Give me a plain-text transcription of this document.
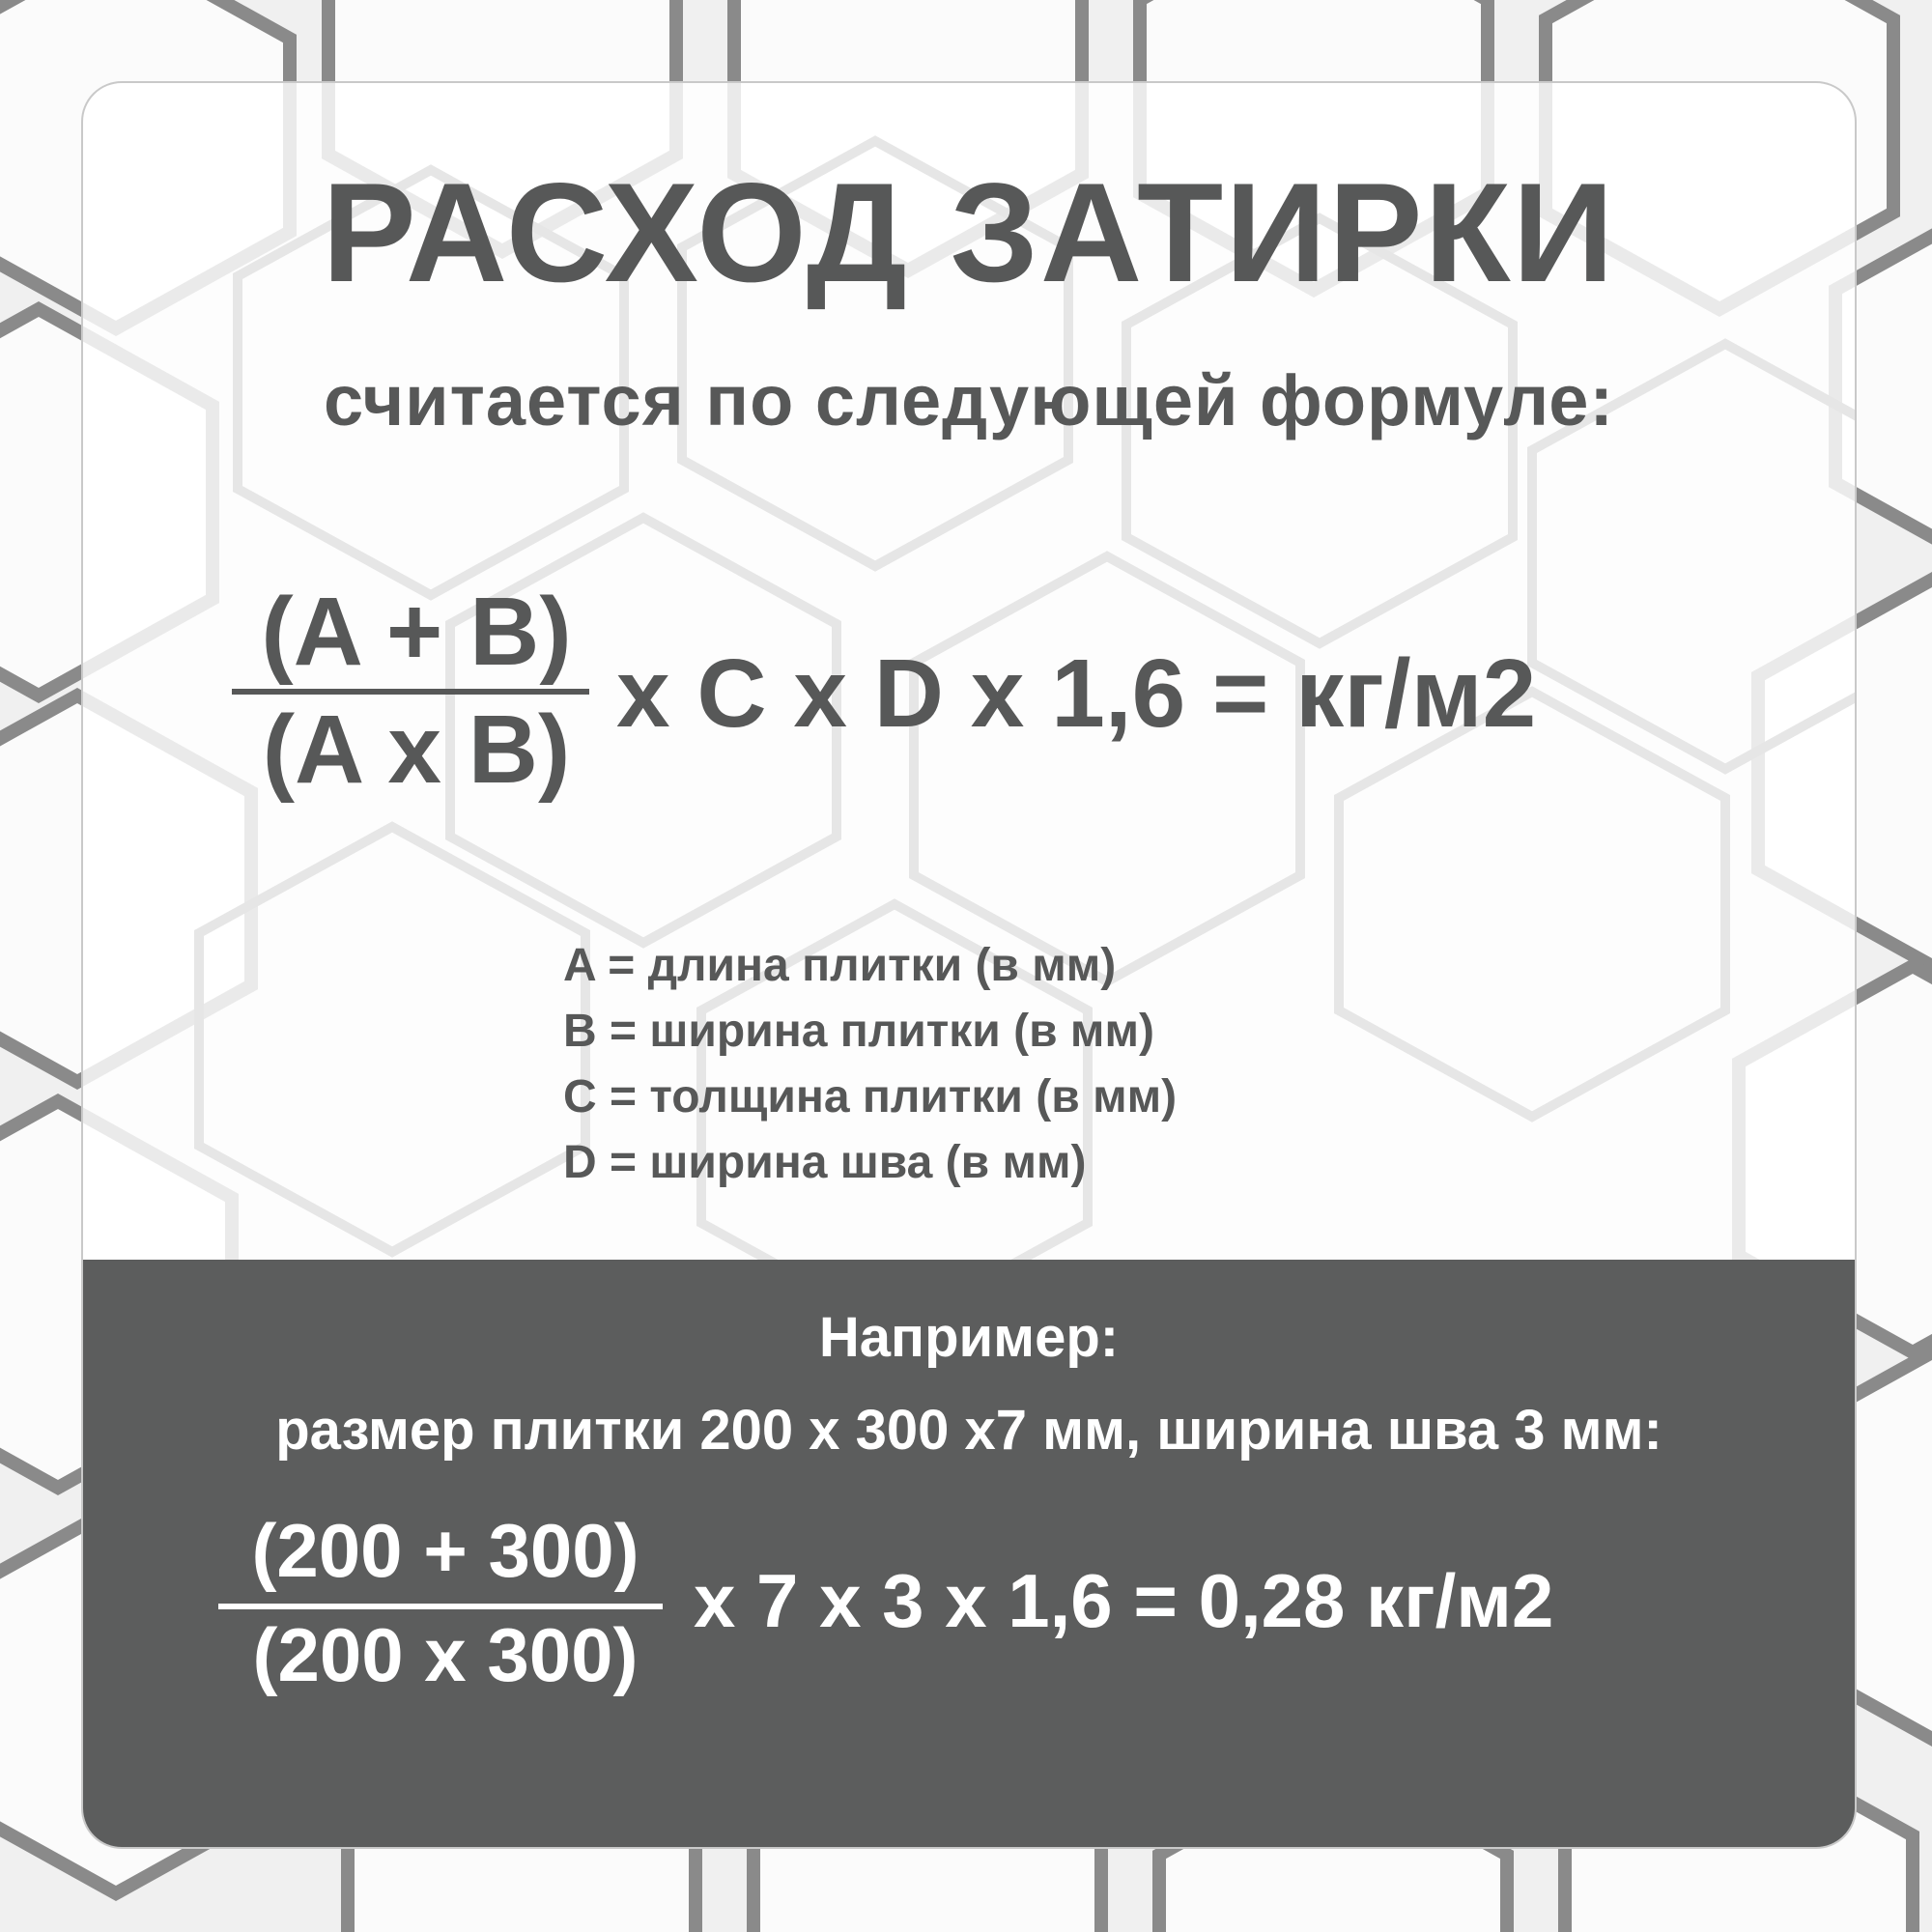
РАСХОД ЗАТИРКИ
считается по следующей формуле:
(A + B)
(A x B)
x C x D x 1,6 = кг/м2
A = длина плитки (в мм)
B = ширина плитки (в мм)
C = толщина плитки (в мм)
D = ширина шва (в мм)
Например:
размер плитки 200 x 300 x7 мм, ширина шва 3 мм:
(200 + 300)
(200 x 300)
x 7 x 3 x 1,6 = 0,28 кг/м2
